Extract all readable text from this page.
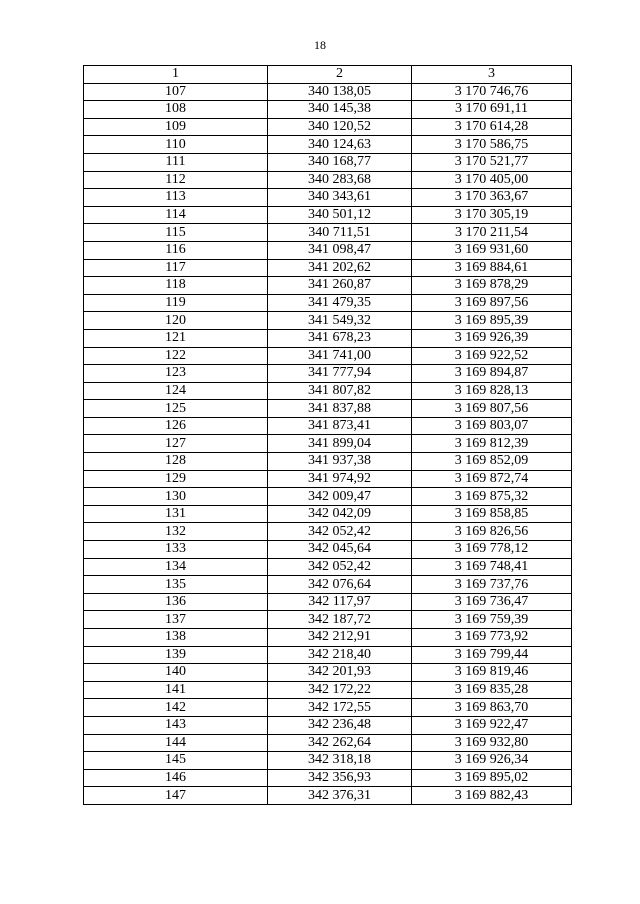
18
1	2	3
107	340 138,05	3 170 746,76
108	340 145,38	3 170 691,11
109	340 120,52	3 170 614,28
110	340 124,63	3 170 586,75
111	340 168,77	3 170 521,77
112	340 283,68	3 170 405,00
113	340 343,61	3 170 363,67
114	340 501,12	3 170 305,19
115	340 711,51	3 170 211,54
116	341 098,47	3 169 931,60
117	341 202,62	3 169 884,61
118	341 260,87	3 169 878,29
119	341 479,35	3 169 897,56
120	341 549,32	3 169 895,39
121	341 678,23	3 169 926,39
122	341 741,00	3 169 922,52
123	341 777,94	3 169 894,87
124	341 807,82	3 169 828,13
125	341 837,88	3 169 807,56
126	341 873,41	3 169 803,07
127	341 899,04	3 169 812,39
128	341 937,38	3 169 852,09
129	341 974,92	3 169 872,74
130	342 009,47	3 169 875,32
131	342 042,09	3 169 858,85
132	342 052,42	3 169 826,56
133	342 045,64	3 169 778,12
134	342 052,42	3 169 748,41
135	342 076,64	3 169 737,76
136	342 117,97	3 169 736,47
137	342 187,72	3 169 759,39
138	342 212,91	3 169 773,92
139	342 218,40	3 169 799,44
140	342 201,93	3 169 819,46
141	342 172,22	3 169 835,28
142	342 172,55	3 169 863,70
143	342 236,48	3 169 922,47
144	342 262,64	3 169 932,80
145	342 318,18	3 169 926,34
146	342 356,93	3 169 895,02
147	342 376,31	3 169 882,43
